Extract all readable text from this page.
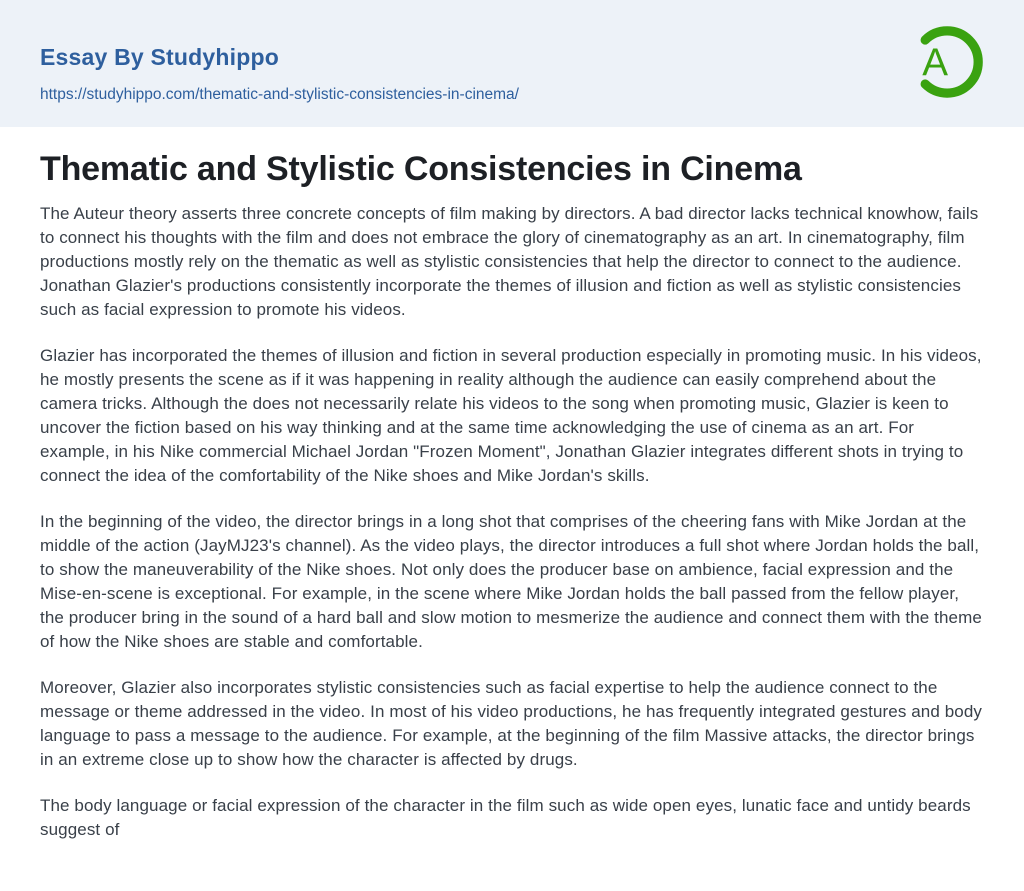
Essay By Studyhippo
https://studyhippo.com/thematic-and-stylistic-consistencies-in-cinema/
A
Thematic and Stylistic Consistencies in Cinema

The Auteur theory asserts three concrete concepts of film making by directors. A bad director lacks technical knowhow, fails to connect his thoughts with the film and does not embrace the glory of cinematography as an art. In cinematography, film productions mostly rely on the thematic as well as stylistic consistencies that help the director to connect to the audience. Jonathan Glazier's productions consistently incorporate the themes of illusion and fiction as well as stylistic consistencies such as facial expression to promote his videos.

Glazier has incorporated the themes of illusion and fiction in several production especially in promoting music. In his videos, he mostly presents the scene as if it was happening in reality although the audience can easily comprehend about the camera tricks. Although the does not necessarily relate his videos to the song when promoting music, Glazier is keen to uncover the fiction based on his way thinking and at the same time acknowledging the use of cinema as an art. For example, in his Nike commercial Michael Jordan "Frozen Moment", Jonathan Glazier integrates different shots in trying to connect the idea of the comfortability of the Nike shoes and Mike Jordan's skills.

In the beginning of the video, the director brings in a long shot that comprises of the cheering fans with Mike Jordan at the middle of the action (JayMJ23's channel). As the video plays, the director introduces a full shot where Jordan holds the ball, to show the maneuverability of the Nike shoes. Not only does the producer base on ambience, facial expression and the Mise-en-scene is exceptional. For example, in the scene where Mike Jordan holds the ball passed from the fellow player, the producer bring in the sound of a hard ball and slow motion to mesmerize the audience and connect them with the theme of how the Nike shoes are stable and comfortable.

Moreover, Glazier also incorporates stylistic consistencies such as facial expertise to help the audience connect to the message or theme addressed in the video. In most of his video productions, he has frequently integrated gestures and body language to pass a message to the audience. For example, at the beginning of the film Massive attacks, the director brings in an extreme close up to show how the character is affected by drugs.

The body language or facial expression of the character in the film such as wide open eyes, lunatic face and untidy beards suggest of
